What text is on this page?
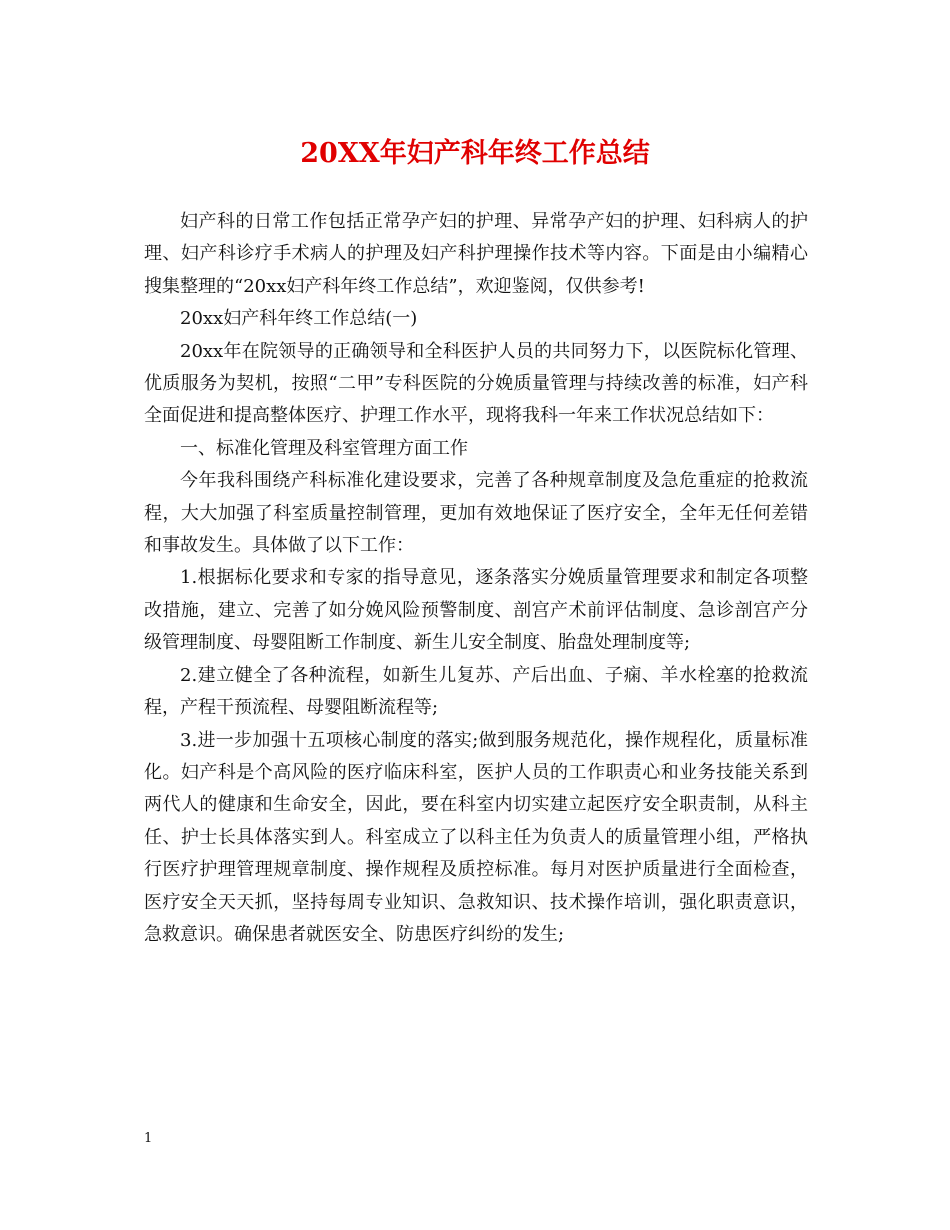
20XX年妇产科年终工作总结

妇产科的日常工作包括正常孕产妇的护理、异常孕产妇的护理、妇科病人的护理、妇产科诊疗手术病人的护理及妇产科护理操作技术等内容。下面是由小编精心搜集整理的“20xx妇产科年终工作总结”，欢迎鉴阅，仅供参考!

20xx妇产科年终工作总结(一)

20xx年在院领导的正确领导和全科医护人员的共同努力下，以医院标化管理、优质服务为契机，按照“二甲”专科医院的分娩质量管理与持续改善的标准，妇产科全面促进和提高整体医疗、护理工作水平，现将我科一年来工作状况总结如下：

一、标准化管理及科室管理方面工作

今年我科围绕产科标准化建设要求，完善了各种规章制度及急危重症的抢救流程，大大加强了科室质量控制管理，更加有效地保证了医疗安全，全年无任何差错和事故发生。具体做了以下工作：

1.根据标化要求和专家的指导意见，逐条落实分娩质量管理要求和制定各项整改措施，建立、完善了如分娩风险预警制度、剖宫产术前评估制度、急诊剖宫产分级管理制度、母婴阻断工作制度、新生儿安全制度、胎盘处理制度等;

2.建立健全了各种流程，如新生儿复苏、产后出血、子痫、羊水栓塞的抢救流程，产程干预流程、母婴阻断流程等;

3.进一步加强十五项核心制度的落实;做到服务规范化，操作规程化，质量标准化。妇产科是个高风险的医疗临床科室，医护人员的工作职责心和业务技能关系到两代人的健康和生命安全，因此，要在科室内切实建立起医疗安全职责制，从科主任、护士长具体落实到人。科室成立了以科主任为负责人的质量管理小组，严格执行医疗护理管理规章制度、操作规程及质控标准。每月对医护质量进行全面检查，医疗安全天天抓，坚持每周专业知识、急救知识、技术操作培训，强化职责意识，急救意识。确保患者就医安全、防患医疗纠纷的发生;

1
